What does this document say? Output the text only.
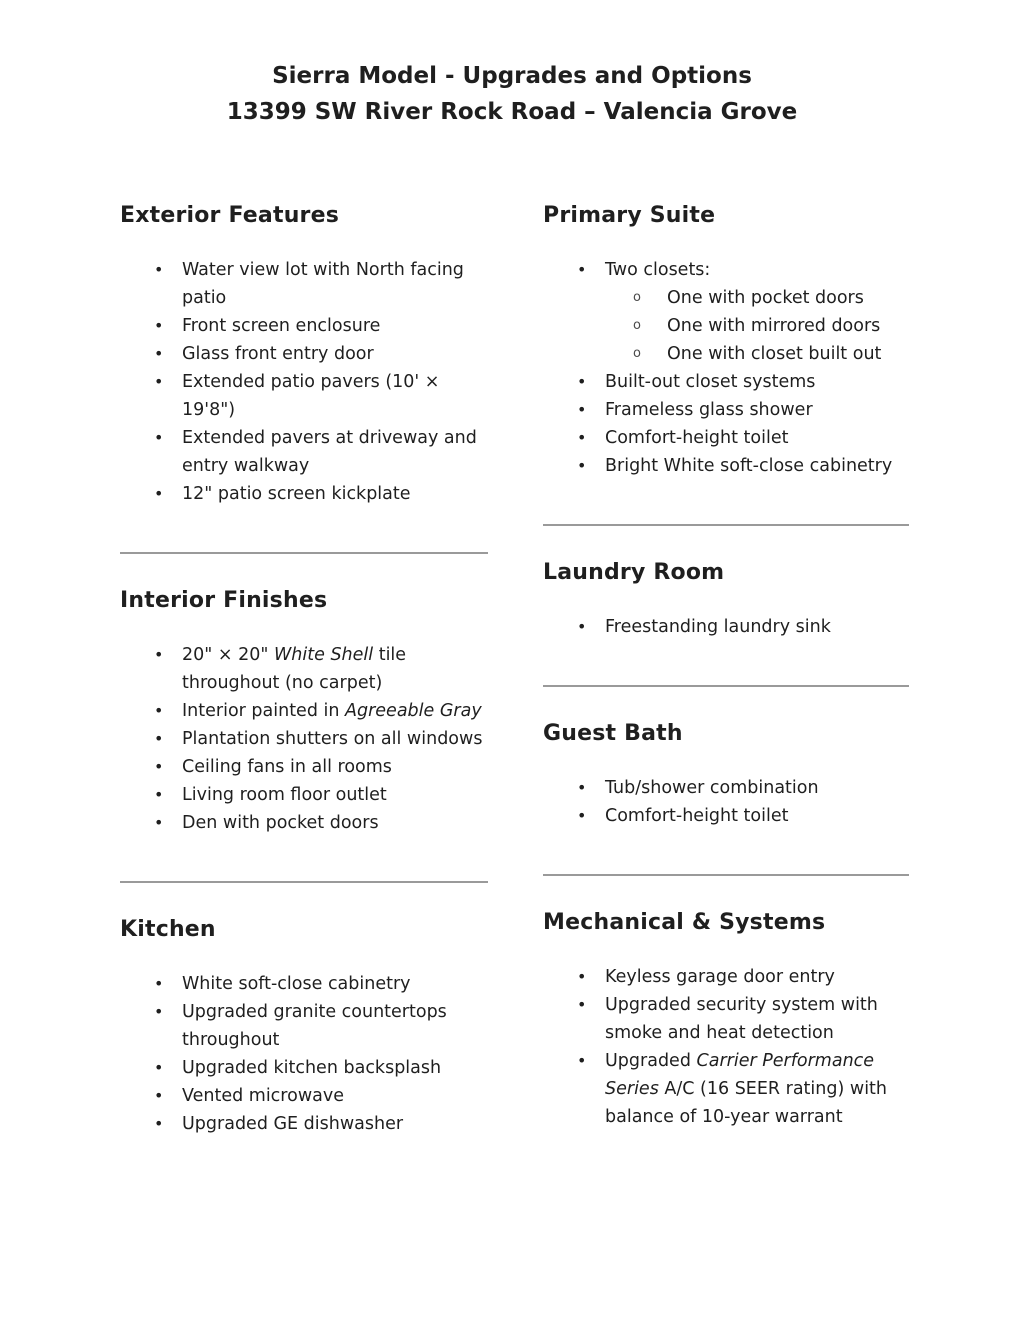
Sierra Model - Upgrades and Options
13399 SW River Rock Road – Valencia Grove
Exterior Features
•	Water view lot with North facing patio
•	Front screen enclosure
•	Glass front entry door
•	Extended patio pavers (10' × 19'8")
•	Extended pavers at driveway and entry walkway
•	12" patio screen kickplate
Interior Finishes
•	20" × 20" White Shell tile throughout (no carpet)
•	Interior painted in Agreeable Gray
•	Plantation shutters on all windows
•	Ceiling fans in all rooms
•	Living room floor outlet
•	Den with pocket doors
Kitchen
•	White soft-close cabinetry
•	Upgraded granite countertops throughout
•	Upgraded kitchen backsplash
•	Vented microwave
•	Upgraded GE dishwasher
Primary Suite
•	Two closets:
o	One with pocket doors
o	One with mirrored doors
o	One with closet built out
•	Built-out closet systems
•	Frameless glass shower
•	Comfort-height toilet
•	Bright White soft-close cabinetry
Laundry Room
•	Freestanding laundry sink
Guest Bath
•	Tub/shower combination
•	Comfort-height toilet
Mechanical & Systems
•	Keyless garage door entry
•	Upgraded security system with smoke and heat detection
•	Upgraded Carrier Performance Series A/C (16 SEER rating) with balance of 10-year warrant
